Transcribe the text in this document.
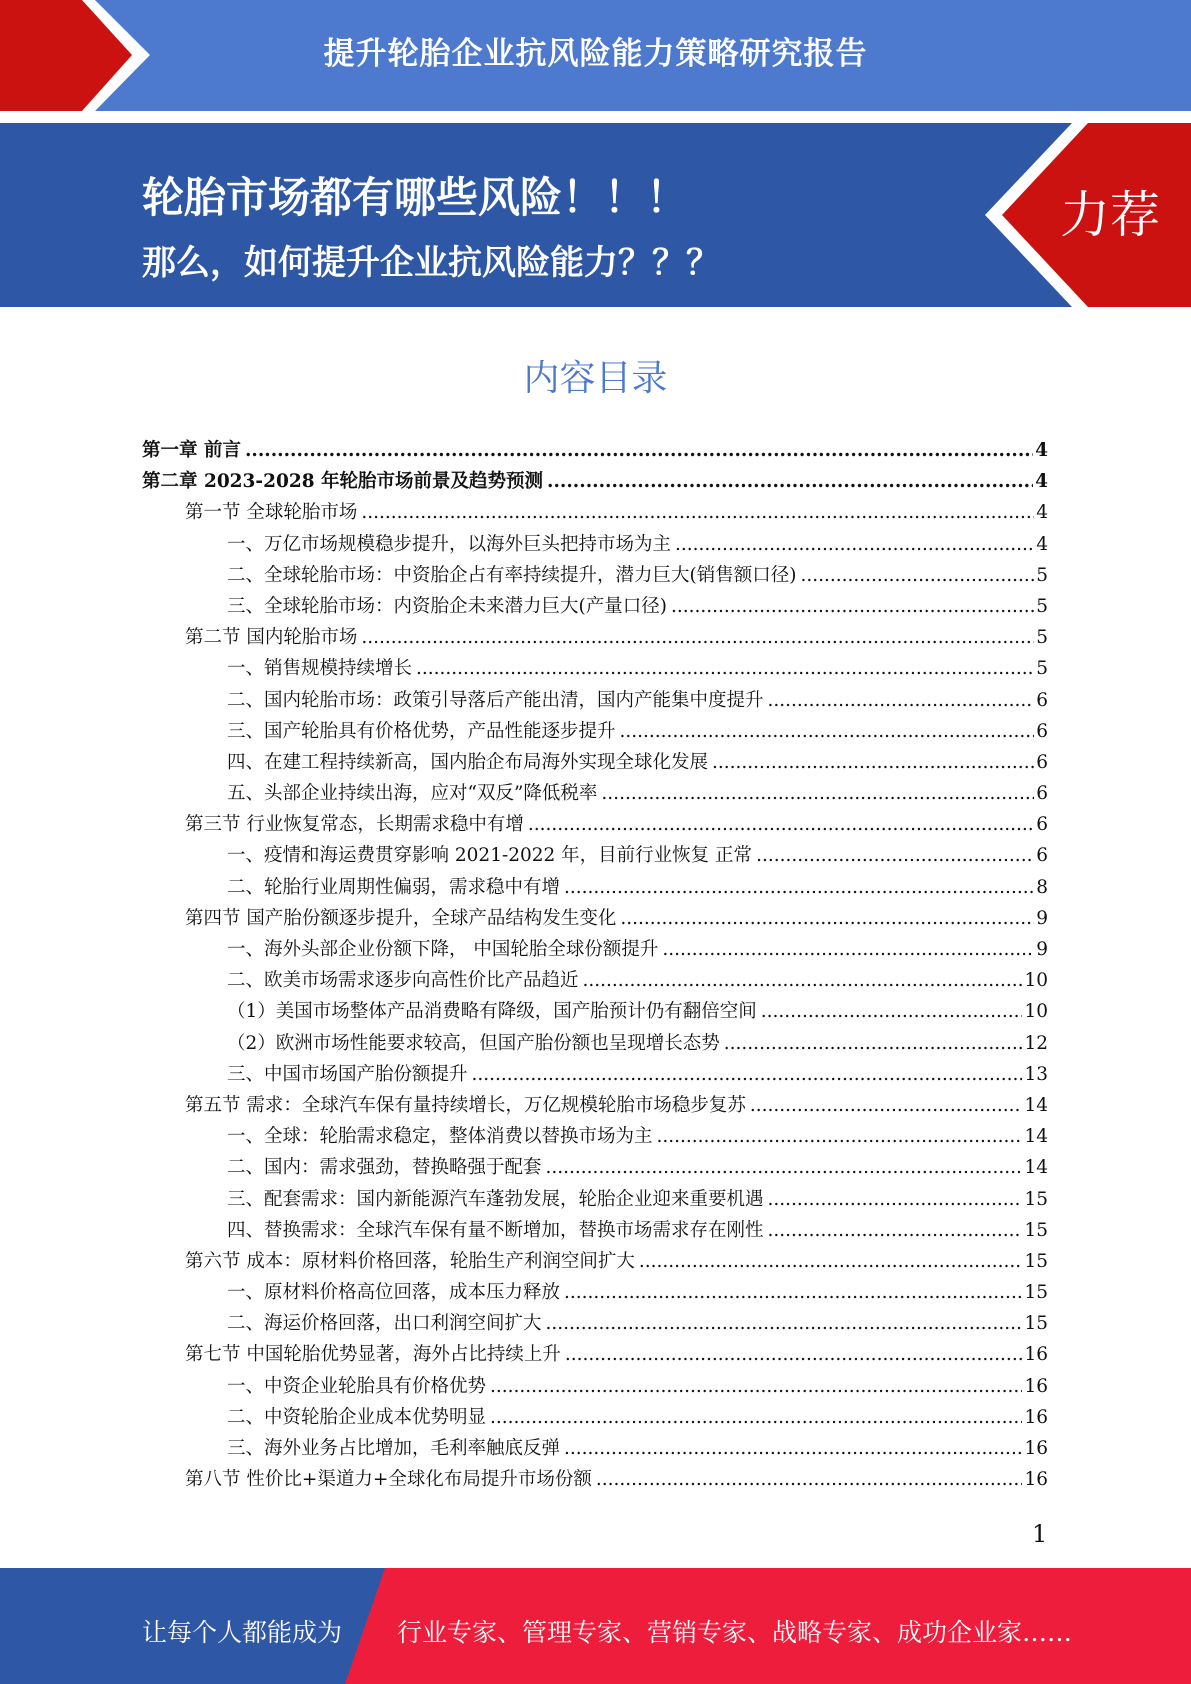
提升轮胎企业抗风险能力策略研究报告
轮胎市场都有哪些风险！！！
那么，如何提升企业抗风险能力？？？
力荐
内容目录
第一章 前言 .....	4
第二章 2023-2028 年轮胎市场前景及趋势预测 .....	4
第一节 全球轮胎市场 .....	4
一、万亿市场规模稳步提升，以海外巨头把持市场为主 .....	4
二、全球轮胎市场：中资胎企占有率持续提升，潜力巨大(销售额口径) .....	5
三、全球轮胎市场：内资胎企未来潜力巨大(产量口径) .....	5
第二节 国内轮胎市场 .....	5
一、销售规模持续增长 .....	5
二、国内轮胎市场：政策引导落后产能出清，国内产能集中度提升 .....	6
三、国产轮胎具有价格优势，产品性能逐步提升 .....	6
四、在建工程持续新高，国内胎企布局海外实现全球化发展 .....	6
五、头部企业持续出海，应对“双反”降低税率 .....	6
第三节 行业恢复常态，长期需求稳中有增 .....	6
一、疫情和海运费贯穿影响 2021-2022 年，目前行业恢复 正常 .....	6
二、轮胎行业周期性偏弱，需求稳中有增 .....	8
第四节 国产胎份额逐步提升，全球产品结构发生变化 .....	9
一、海外头部企业份额下降， 中国轮胎全球份额提升 .....	9
二、欧美市场需求逐步向高性价比产品趋近 .....	10
（1）美国市场整体产品消费略有降级，国产胎预计仍有翻倍空间 .....	10
（2）欧洲市场性能要求较高，但国产胎份额也呈现增长态势 .....	12
三、中国市场国产胎份额提升 .....	13
第五节 需求：全球汽车保有量持续增长，万亿规模轮胎市场稳步复苏 .....	14
一、全球：轮胎需求稳定，整体消费以替换市场为主 .....	14
二、国内：需求强劲，替换略强于配套 .....	14
三、配套需求：国内新能源汽车蓬勃发展，轮胎企业迎来重要机遇 .....	15
四、替换需求：全球汽车保有量不断增加，替换市场需求存在刚性 .....	15
第六节 成本：原材料价格回落，轮胎生产利润空间扩大 .....	15
一、原材料价格高位回落，成本压力释放 .....	15
二、海运价格回落，出口利润空间扩大 .....	15
第七节 中国轮胎优势显著，海外占比持续上升 .....	16
一、中资企业轮胎具有价格优势 .....	16
二、中资轮胎企业成本优势明显 .....	16
三、海外业务占比增加，毛利率触底反弹 .....	16
第八节 性价比+渠道力+全球化布局提升市场份额 .....	16
1
让每个人都能成为 行业专家、管理专家、营销专家、战略专家、成功企业家……
